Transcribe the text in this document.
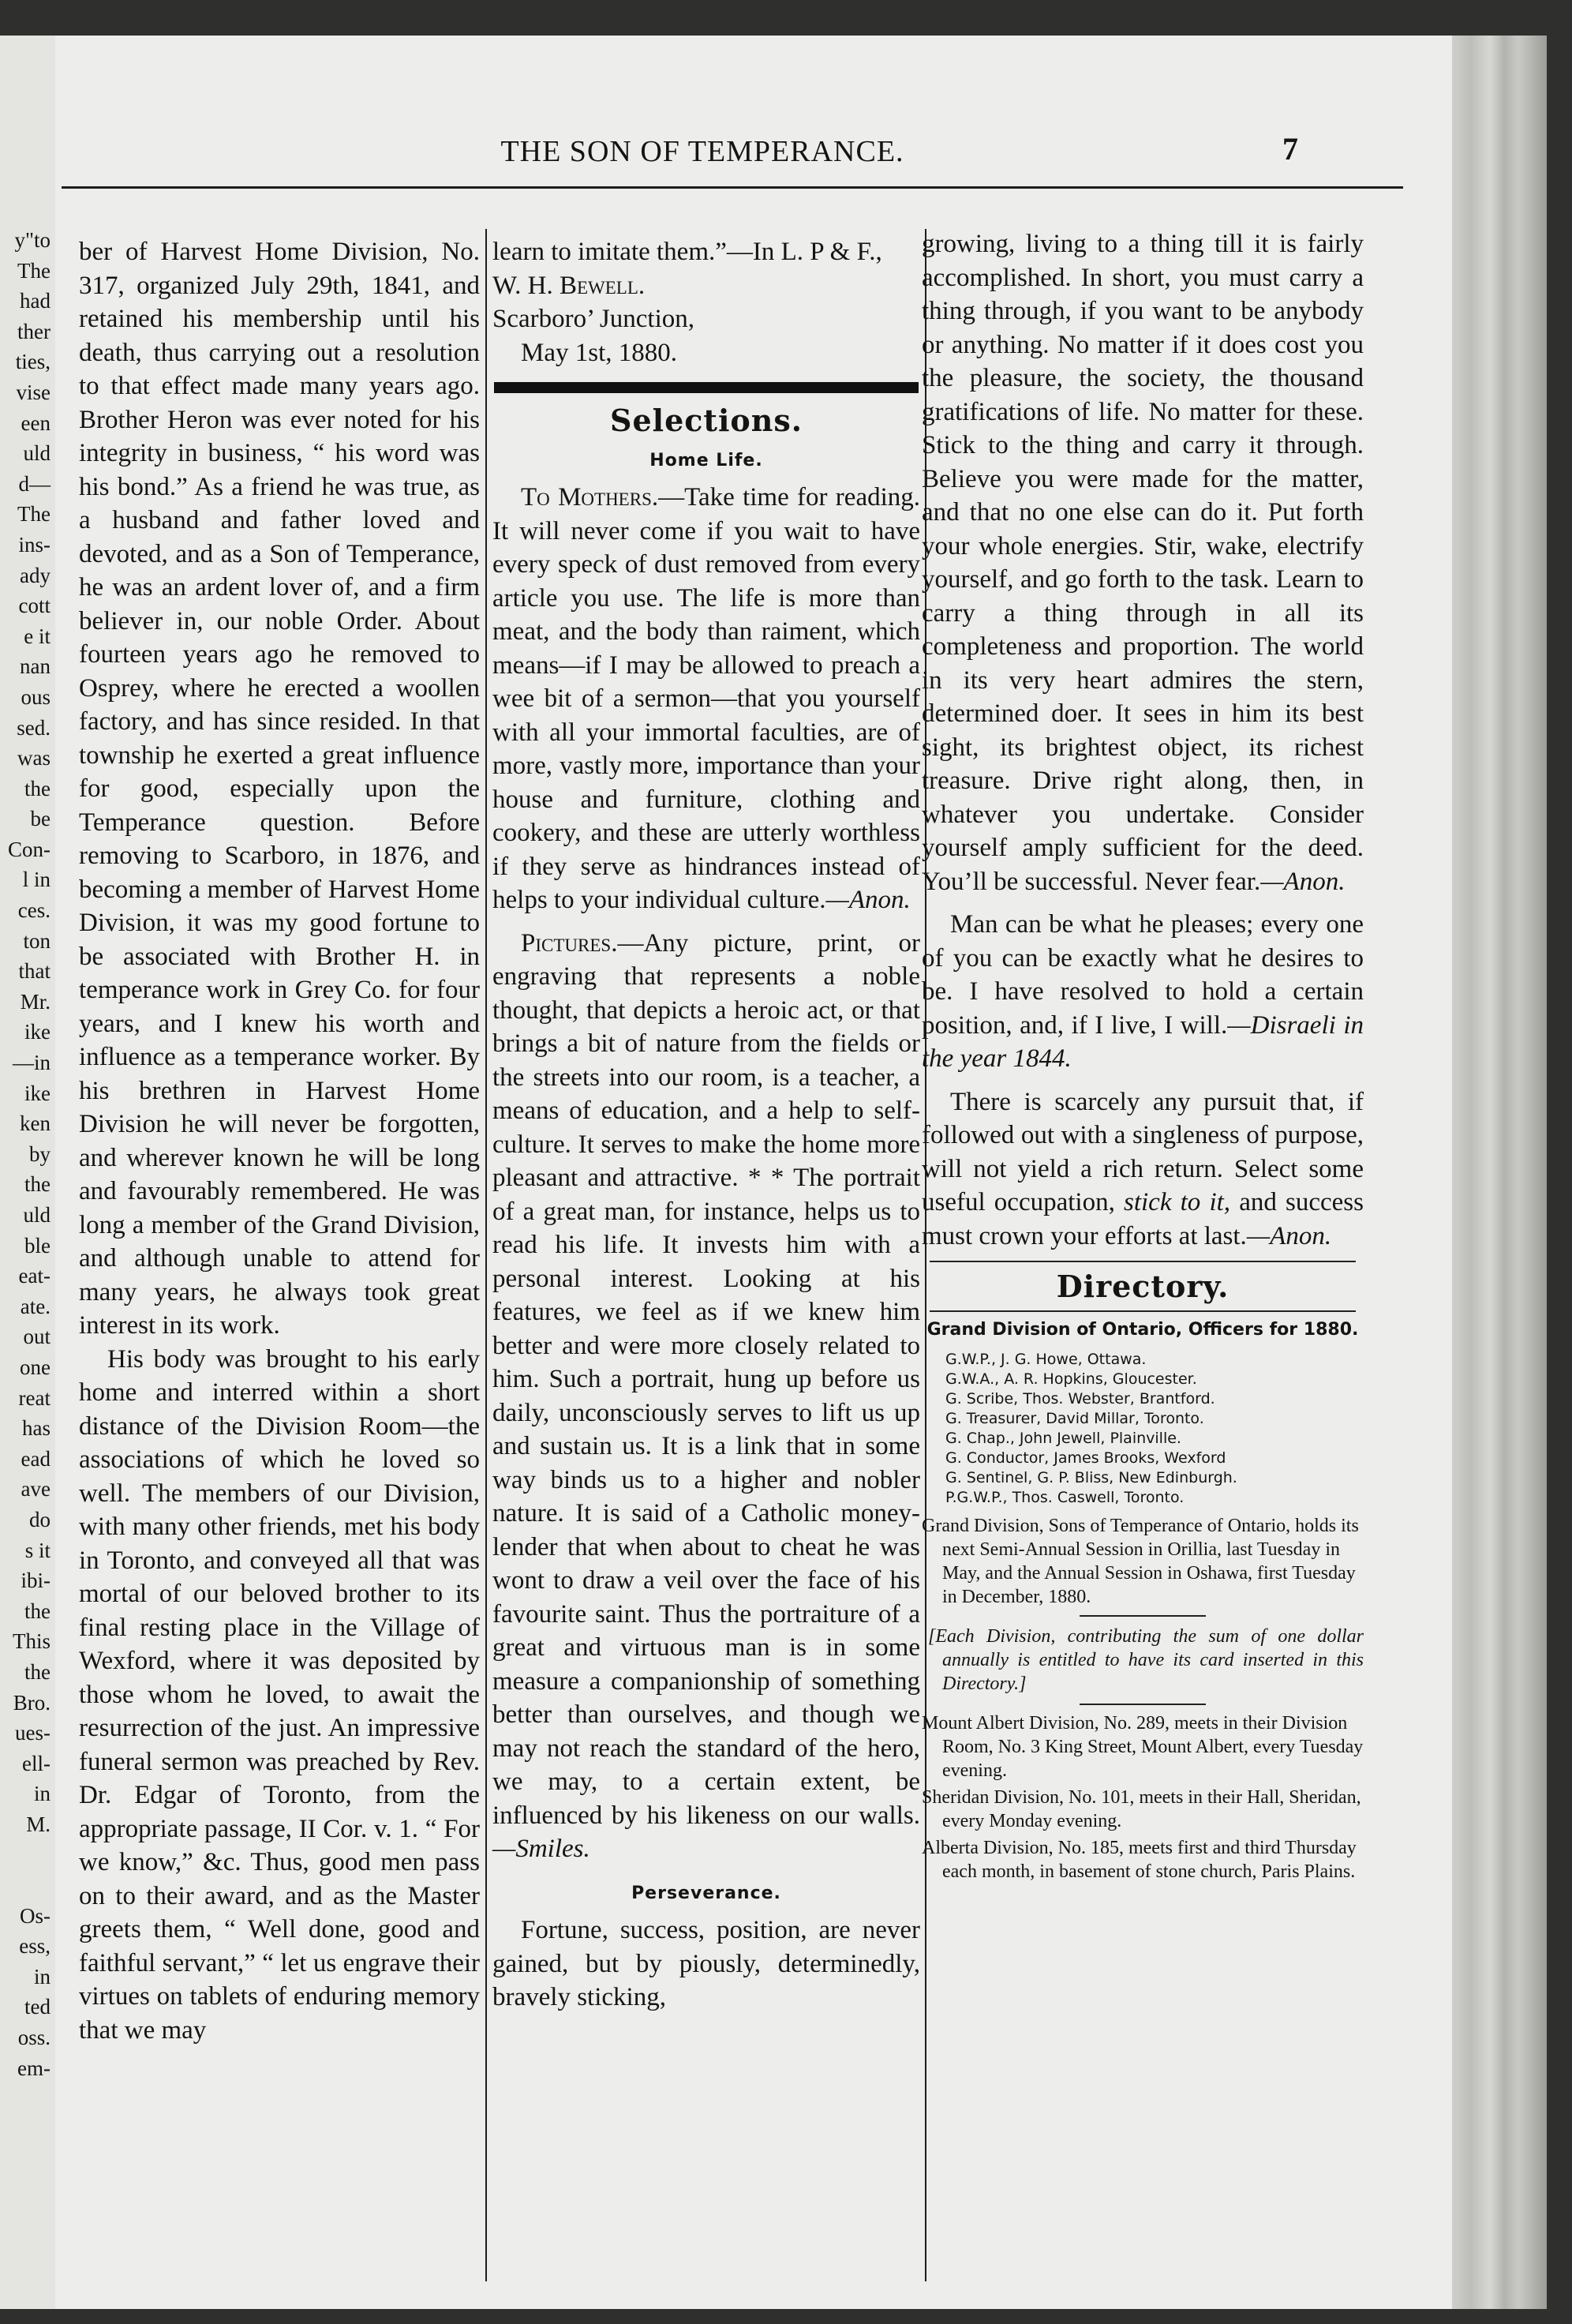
y"to
The
had
ther
ties,
vise
een
uld
d—
The
ins-
ady
cott
e it
nan
ous
sed.
was
the
be
Con-
l in
ces.
ton
that
Mr.
ike
—in
ike
ken
by
the
uld
ble
eat-
ate.
out
one
reat
has
ead
ave
do
s it
ibi-
the
This
the
Bro.
ues-
ell-
in
M.

Os-
ess,
in
ted
oss.
em-
THE SON OF TEMPERANCE.	7

ber of Harvest Home Division, No. 317, organized July 29th, 1841, and retained his membership until his death, thus carrying out a resolution to that effect made many years ago. Brother Heron was ever noted for his integrity in business, “ his word was his bond.” As a friend he was true, as a husband and father loved and devoted, and as a Son of Temperance, he was an ardent lover of, and a firm believer in, our noble Order. About fourteen years ago he removed to Osprey, where he erected a woollen factory, and has since resided. In that township he exerted a great influence for good, especially upon the Temperance question. Before removing to Scarboro, in 1876, and becoming a member of Harvest Home Division, it was my good fortune to be associated with Brother H. in temperance work in Grey Co. for four years, and I knew his worth and influence as a temperance worker. By his brethren in Harvest Home Division he will never be forgotten, and wherever known he will be long and favourably remembered. He was long a member of the Grand Division, and although unable to attend for many years, he always took great interest in its work.

His body was brought to his early home and interred within a short distance of the Division Room—the associations of which he loved so well. The members of our Division, with many other friends, met his body in Toronto, and conveyed all that was mortal of our beloved brother to its final resting place in the Village of Wexford, where it was deposited by those whom he loved, to await the resurrection of the just. An impressive funeral sermon was preached by Rev. Dr. Edgar of Toronto, from the appropriate passage, II Cor. v. 1. “ For we know,” &c. Thus, good men pass on to their award, and as the Master greets them, “ Well done, good and faithful servant,” “ let us engrave their virtues on tablets of enduring memory that we may

learn to imitate them.”—In L. P & F.,

W. H. Bewell.

Scarboro’ Junction,

May 1st, 1880.

Selections.
Home Life.

To Mothers.—Take time for reading. It will never come if you wait to have every speck of dust removed from every article you use. The life is more than meat, and the body than raiment, which means—if I may be allowed to preach a wee bit of a sermon—that you yourself with all your immortal faculties, are of more, vastly more, importance than your house and furniture, clothing and cookery, and these are utterly worthless if they serve as hindrances instead of helps to your individual culture.—Anon.

Pictures.—Any picture, print, or engraving that represents a noble thought, that depicts a heroic act, or that brings a bit of nature from the fields or the streets into our room, is a teacher, a means of education, and a help to self-culture. It serves to make the home more pleasant and attractive. * * The portrait of a great man, for instance, helps us to read his life. It invests him with a personal interest. Looking at his features, we feel as if we knew him better and were more closely related to him. Such a portrait, hung up before us daily, unconsciously serves to lift us up and sustain us. It is a link that in some way binds us to a higher and nobler nature. It is said of a Catholic money-lender that when about to cheat he was wont to draw a veil over the face of his favourite saint. Thus the portraiture of a great and virtuous man is in some measure a companionship of something better than ourselves, and though we may not reach the standard of the hero, we may, to a certain extent, be influenced by his likeness on our walls.—Smiles.

Perseverance.

Fortune, success, position, are never gained, but by piously, determinedly, bravely sticking,

growing, living to a thing till it is fairly accomplished. In short, you must carry a thing through, if you want to be anybody or anything. No matter if it does cost you the pleasure, the society, the thousand gratifications of life. No matter for these. Stick to the thing and carry it through. Believe you were made for the matter, and that no one else can do it. Put forth your whole energies. Stir, wake, electrify yourself, and go forth to the task. Learn to carry a thing through in all its completeness and proportion. The world in its very heart admires the stern, determined doer. It sees in him its best sight, its brightest object, its richest treasure. Drive right along, then, in whatever you undertake. Consider yourself amply sufficient for the deed. You’ll be successful. Never fear.—Anon.

Man can be what he pleases; every one of you can be exactly what he desires to be. I have resolved to hold a certain position, and, if I live, I will.—Disraeli in the year 1844.

There is scarcely any pursuit that, if followed out with a singleness of purpose, will not yield a rich return. Select some useful occupation, stick to it, and success must crown your efforts at last.—Anon.

Directory.
Grand Division of Ontario, Officers for 1880.
G.W.P., J. G. Howe, Ottawa.
G.W.A., A. R. Hopkins, Gloucester.
G. Scribe, Thos. Webster, Brantford.
G. Treasurer, David Millar, Toronto.
G. Chap., John Jewell, Plainville.
G. Conductor, James Brooks, Wexford
G. Sentinel, G. P. Bliss, New Edinburgh.
P.G.W.P., Thos. Caswell, Toronto.

Grand Division, Sons of Temperance of Ontario, holds its next Semi-Annual Session in Orillia, last Tuesday in May, and the Annual Session in Oshawa, first Tuesday in December, 1880.

[Each Division, contributing the sum of one dollar annually is entitled to have its card inserted in this Directory.]

Mount Albert Division, No. 289, meets in their Division Room, No. 3 King Street, Mount Albert, every Tuesday evening.

Sheridan Division, No. 101, meets in their Hall, Sheridan, every Monday evening.

Alberta Division, No. 185, meets first and third Thursday each month, in basement of stone church, Paris Plains.
